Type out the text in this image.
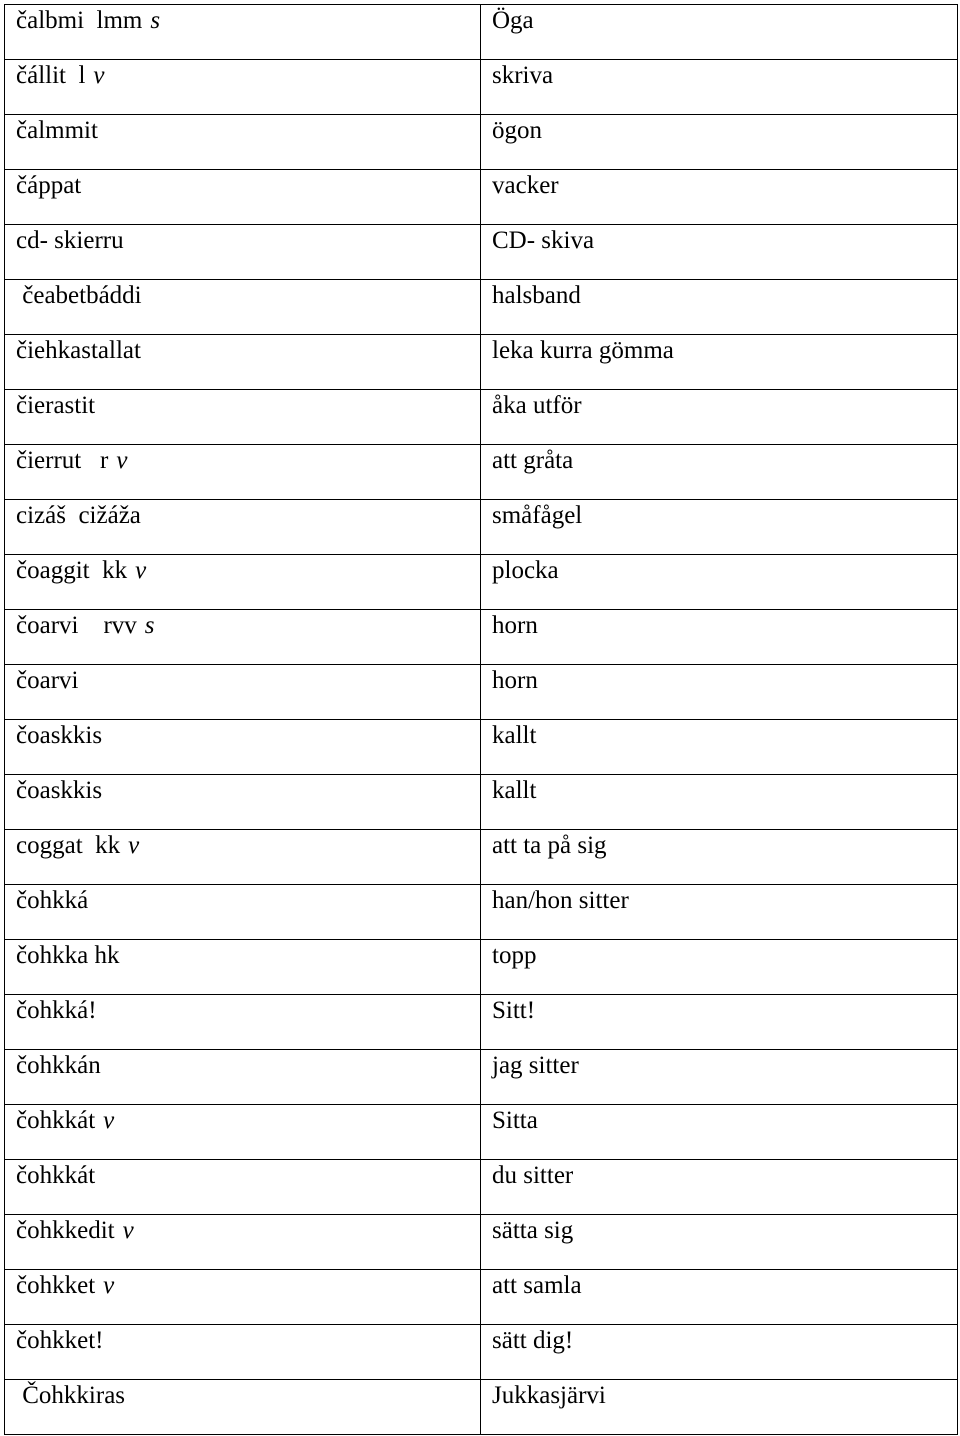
čalbmi  lmm s	Öga
čállit  l v	skriva
čalmmit	ögon
čáppat	vacker
cd- skierru	CD- skiva
čeabetbáddi	halsband
čiehkastallat	leka kurra gömma
čierastit	åka utför
čierrut   r v	att gråta
cizáš  cižáža	småfågel
čoaggit  kk v	plocka
čoarvi    rvv s	horn
čoarvi	horn
čoaskkis	kallt
čoaskkis	kallt
coggat  kk v	att ta på sig
čohkká	han/hon sitter
čohkka hk	topp
čohkká!	Sitt!
čohkkán	jag sitter
čohkkát v	Sitta
čohkkát	du sitter
čohkkedit v	sätta sig
čohkket v	att samla
čohkket!	sätt dig!
Čohkkiras	Jukkasjärvi
